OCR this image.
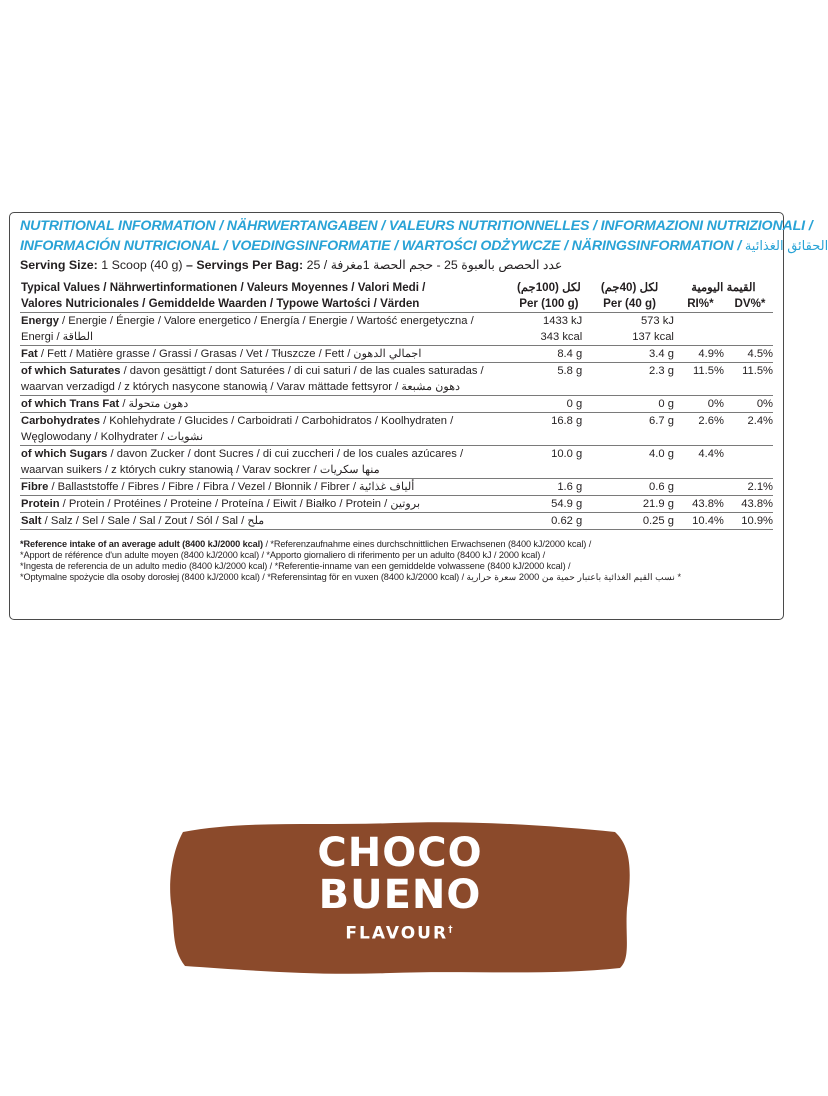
NUTRITIONAL INFORMATION / NÄHRWERTANGABEN / VALEURS NUTRITIONNELLES / INFORMAZIONI NUTRIZIONALI /
INFORMACIÓN NUTRICIONAL / VOEDINGSINFORMATIE / WARTOŚCI ODŻYWCZE / NÄRINGSINFORMATION / الحقائق الغذائية
Serving Size: 1 Scoop (40 g) – Servings Per Bag: 25 / عدد الحصص بالعبوة 25 - حجم الحصة 1مغرفة
Typical Values / Nährwertinformationen / Valeurs Moyennes / Valori Medi /	لكل (100جم)	لكل (40جم)	القيمة اليومية	
Valores Nutricionales / Gemiddelde Waarden / Typowe Wartości / Värden	Per (100 g)	Per (40 g)	RI%*	DV%*
Energy / Energie / Énergie / Valore energetico / Energía / Energie / Wartość energetyczna /	1433 kJ	573 kJ		
Energi / الطاقة	343 kcal	137 kcal		
Fat / Fett / Matière grasse / Grassi / Grasas / Vet / Tłuszcze / Fett / اجمالي الدهون	8.4 g	3.4 g	4.9%	4.5%
of which Saturates / davon gesättigt / dont Saturées / di cui saturi / de las cuales saturadas /	5.8 g	2.3 g	11.5%	11.5%
waarvan verzadigd / z których nasycone stanowią / Varav mättade fettsyror / دهون مشبعة				
of which Trans Fat / دهون متحولة	0 g	0 g	0%	0%
Carbohydrates / Kohlehydrate / Glucides / Carboidrati / Carbohidratos / Koolhydraten /	16.8 g	6.7 g	2.6%	2.4%
Węglowodany / Kolhydrater / نشويات				
of which Sugars / davon Zucker / dont Sucres / di cui zuccheri / de los cuales azúcares /	10.0 g	4.0 g	4.4%	
waarvan suikers / z których cukry stanowią / Varav sockrer / منها سكريات				
Fibre / Ballaststoffe / Fibres / Fibre / Fibra / Vezel / Błonnik / Fibrer / ألياف غذائية	1.6 g	0.6 g		2.1%
Protein / Protein / Protéines / Proteine / Proteína / Eiwit / Białko / Protein / بروتين	54.9 g	21.9 g	43.8%	43.8%
Salt / Salz / Sel / Sale / Sal / Zout / Sól / Sal / ملح	0.62 g	0.25 g	10.4%	10.9%

*Reference intake of an average adult (8400 kJ/2000 kcal) / *Referenzaufnahme eines durchschnittlichen Erwachsenen (8400 kJ/2000 kcal) /
*Apport de référence d'un adulte moyen (8400 kJ/2000 kcal) / *Apporto giornaliero di riferimento per un adulto (8400 kJ / 2000 kcal) /
*Ingesta de referencia de un adulto medio (8400 kJ/2000 kcal) / *Referentie-inname van een gemiddelde volwassene (8400 kJ/2000 kcal) /
*Optymalne spożycie dla osoby dorosłej (8400 kJ/2000 kcal) / *Referensintag för en vuxen (8400 kJ/2000 kcal) / نسب القيم الغذائية باعتبار حمية من 2000 سعرة حرارية *
CHOCO
BUENO
FLAVOUR†
